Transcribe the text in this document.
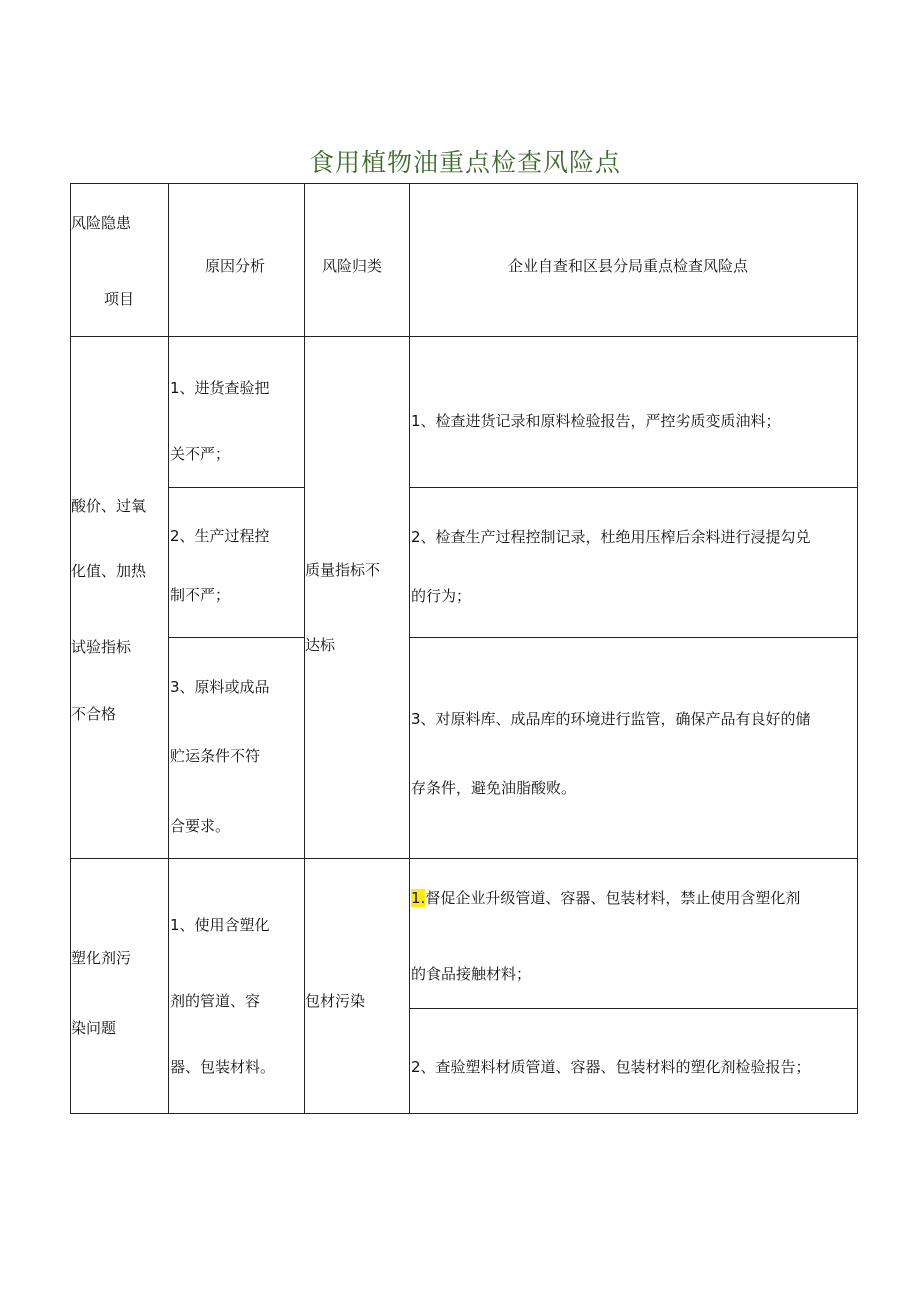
食用植物油重点检查风险点
风险隐患
项目
原因分析	风险归类	企业自查和区县分局重点检查风险点
酸价、过氧
化值、加热
试验指标
不合格
1、进货查验把
关不严；
2、生产过程控
制不严；
3、原料或成品
贮运条件不符
合要求。
质量指标不
达标
1、检查进货记录和原料检验报告，严控劣质变质油料；
2、检查生产过程控制记录，杜绝用压榨后余料进行浸提勾兑
的行为；
3、对原料库、成品库的环境进行监管，确保产品有良好的储
存条件，避免油脂酸败。
塑化剂污
染问题
1、使用含塑化
剂的管道、容
器、包装材料。
包材污染
1.督促企业升级管道、容器、包装材料，禁止使用含塑化剂
的食品接触材料；
2、查验塑料材质管道、容器、包装材料的塑化剂检验报告；
